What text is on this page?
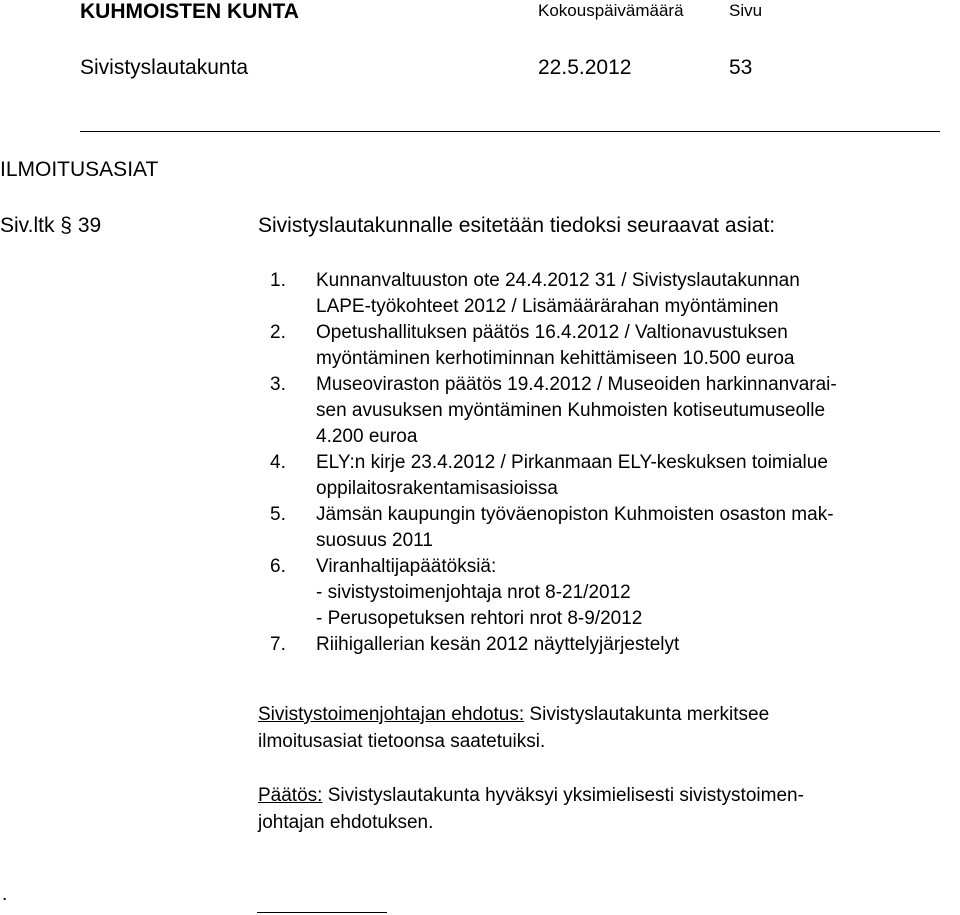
KUHMOISTEN KUNTA	Kokouspäivämäärä	Sivu
Sivistyslautakunta	22.5.2012	53
ILMOITUSASIAT
Siv.ltk § 39	Sivistyslautakunnalle esitetään tiedoksi seuraavat asiat:
1.	Kunnanvaltuuston ote 24.4.2012 31 / Sivistyslautakunnan
LAPE-työkohteet 2012 / Lisämäärärahan myöntäminen
2.	Opetushallituksen päätös 16.4.2012 / Valtionavustuksen
myöntäminen kerhotiminnan kehittämiseen 10.500 euroa
3.	Museoviraston päätös 19.4.2012 / Museoiden harkinnanvarai-
sen avusuksen myöntäminen Kuhmoisten kotiseutumuseolle
4.200 euroa
4.	ELY:n kirje 23.4.2012 / Pirkanmaan ELY-keskuksen toimialue
oppilaitosrakentamisasioissa
5.	Jämsän kaupungin työväenopiston Kuhmoisten osaston mak-
suosuus 2011
6.	Viranhaltijapäätöksiä:
- sivistystoimenjohtaja nrot 8-21/2012
- Perusopetuksen rehtori nrot 8-9/2012
7.	Riihigallerian kesän 2012 näyttelyjärjestelyt
Sivistystoimenjohtajan ehdotus: Sivistyslautakunta merkitsee
ilmoitusasiat tietoonsa saatetuiksi.
Päätös: Sivistyslautakunta hyväksyi yksimielisesti sivistystoimen-
johtajan ehdotuksen.
.
